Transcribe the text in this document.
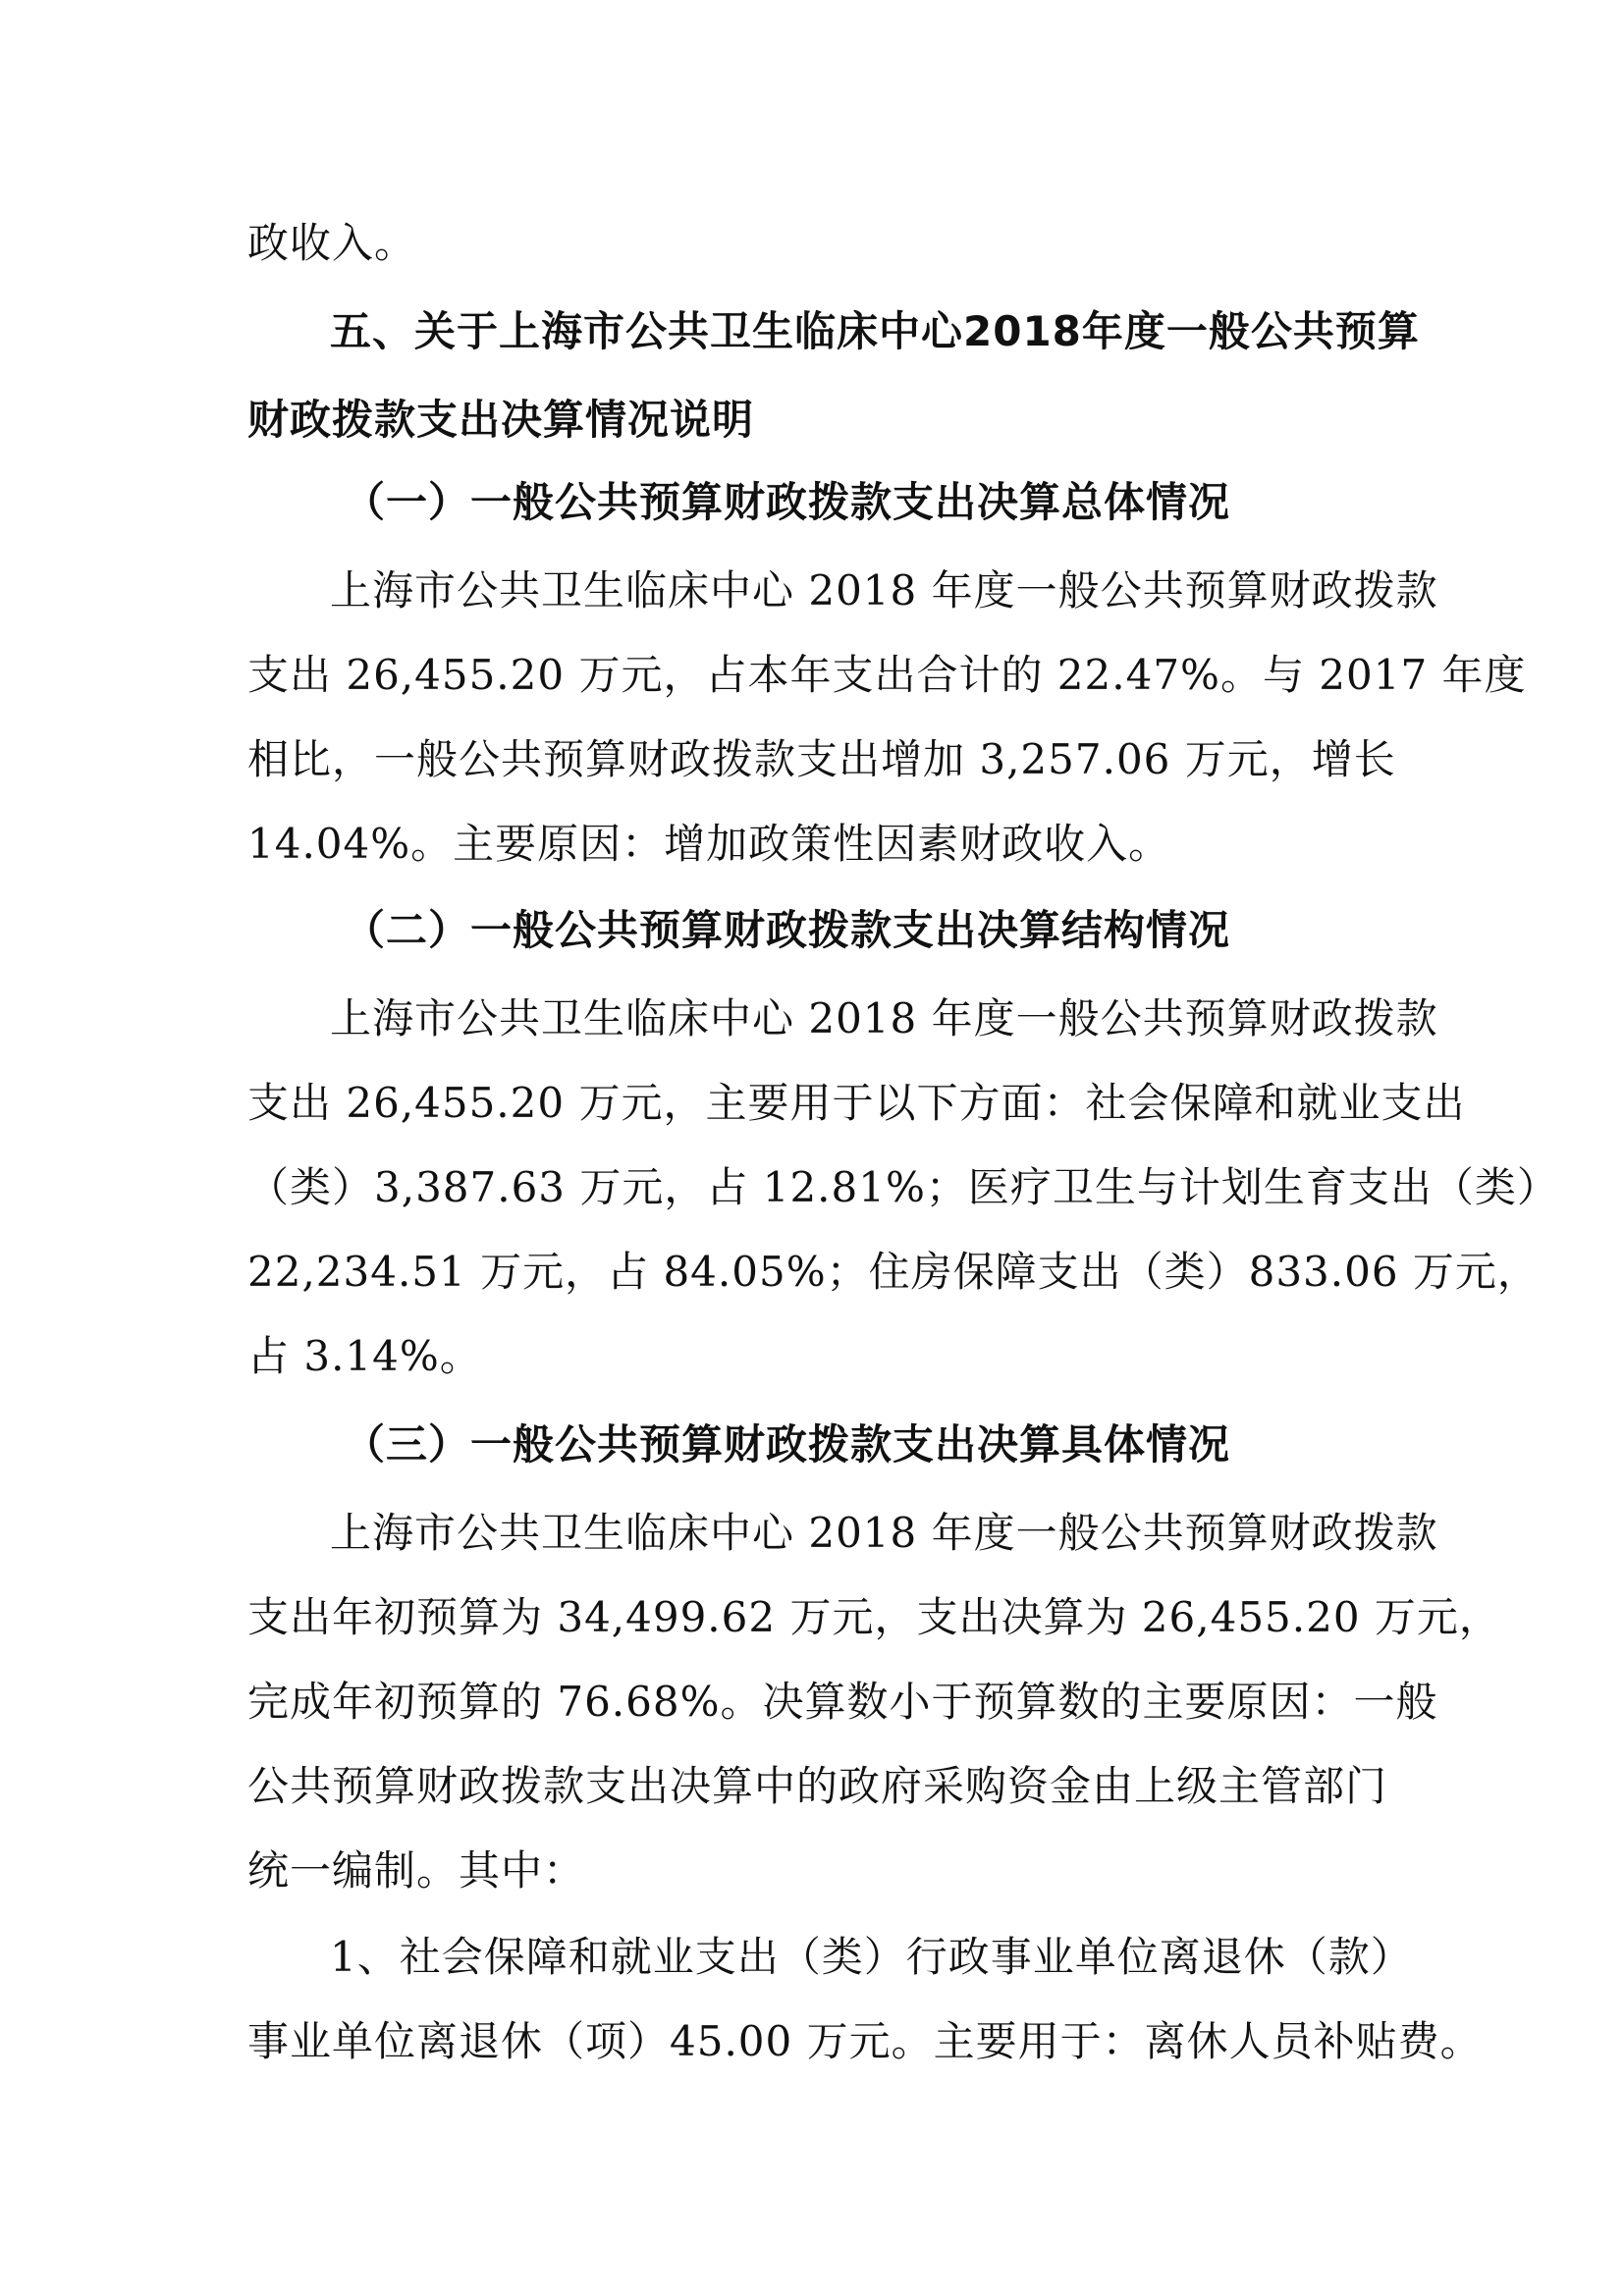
政收入。
五、关于上海市公共卫生临床中心2018年度一般公共预算
财政拨款支出决算情况说明
（一）一般公共预算财政拨款支出决算总体情况
上海市公共卫生临床中心 2018 年度一般公共预算财政拨款
支出 26,455.20 万元，占本年支出合计的 22.47%。与 2017 年度
相比，一般公共预算财政拨款支出增加 3,257.06 万元，增长
14.04%。主要原因：增加政策性因素财政收入。
（二）一般公共预算财政拨款支出决算结构情况
上海市公共卫生临床中心 2018 年度一般公共预算财政拨款
支出 26,455.20 万元，主要用于以下方面：社会保障和就业支出
（类）3,387.63 万元，占 12.81%；医疗卫生与计划生育支出（类）
22,234.51 万元，占 84.05%；住房保障支出（类）833.06 万元，
占 3.14%。
（三）一般公共预算财政拨款支出决算具体情况
上海市公共卫生临床中心 2018 年度一般公共预算财政拨款
支出年初预算为 34,499.62 万元，支出决算为 26,455.20 万元，
完成年初预算的 76.68%。决算数小于预算数的主要原因：一般
公共预算财政拨款支出决算中的政府采购资金由上级主管部门
统一编制。其中：
1、社会保障和就业支出（类）行政事业单位离退休（款）
事业单位离退休（项）45.00 万元。主要用于：离休人员补贴费。
